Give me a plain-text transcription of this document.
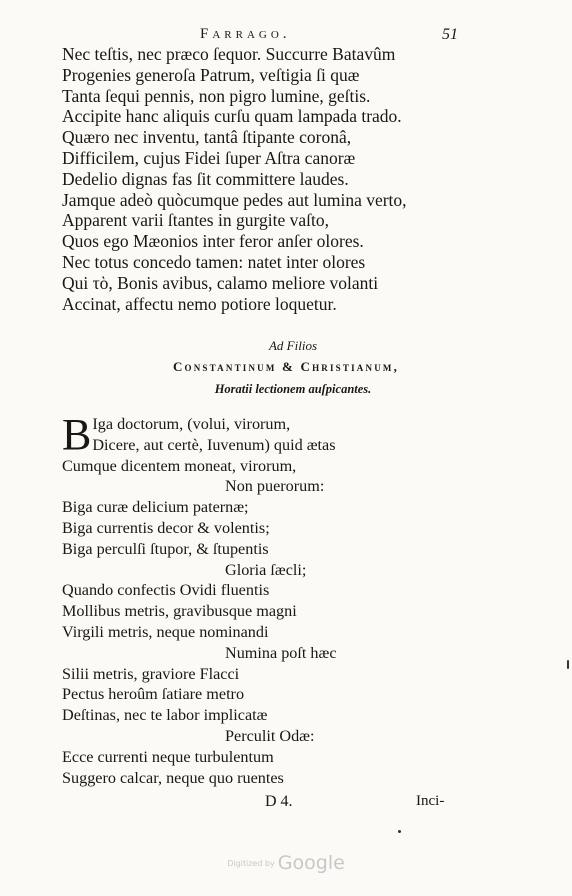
Farrago.	51
Nec teſtis, nec præco ſequor. Succurre Batavûm
Progenies generoſa Patrum, veſtigia ſi quæ
Tanta ſequi pennis, non pigro lumine, geſtis.
Accipite hanc aliquis curſu quam lampada trado.
Quæro nec inventu, tantâ ſtipante coronâ,
Difficilem, cujus Fidei ſuper Aſtra canoræ
Dedelio dignas fas ſit committere laudes.
Jamque adeò quòcumque pedes aut lumina verto,
Apparent varii ſtantes in gurgite vaſto,
Quos ego Mæonios inter feror anſer olores.
Nec totus concedo tamen: natet inter olores
Qui τὸ, Bonis avibus, calamo meliore volanti
Accinat, affectu nemo potiore loquetur.
Ad Filios
Constantinum & Christianum,
Horatii lectionem auſpicantes.
B Iga doctorum, (volui, virorum,
Dicere, aut certè, Iuvenum) quid ætas
Cumque dicentem moneat, virorum,
Non puerorum:
Biga curæ delicium paternæ;
Biga currentis decor & volentis;
Biga perculſi ſtupor, & ſtupentis
Gloria ſæcli;
Quando confectis Ovidi fluentis
Mollibus metris, gravibusque magni
Virgili metris, neque nominandi
Numina poſt hæc
Silii metris, graviore Flacci
Pectus heroûm ſatiare metro
Deſtinas, nec te labor implicatæ
Perculit Odæ:
Ecce currenti neque turbulentum
Suggero calcar, neque quo ruentes
D 4.	Inci-
Digitized by Google
